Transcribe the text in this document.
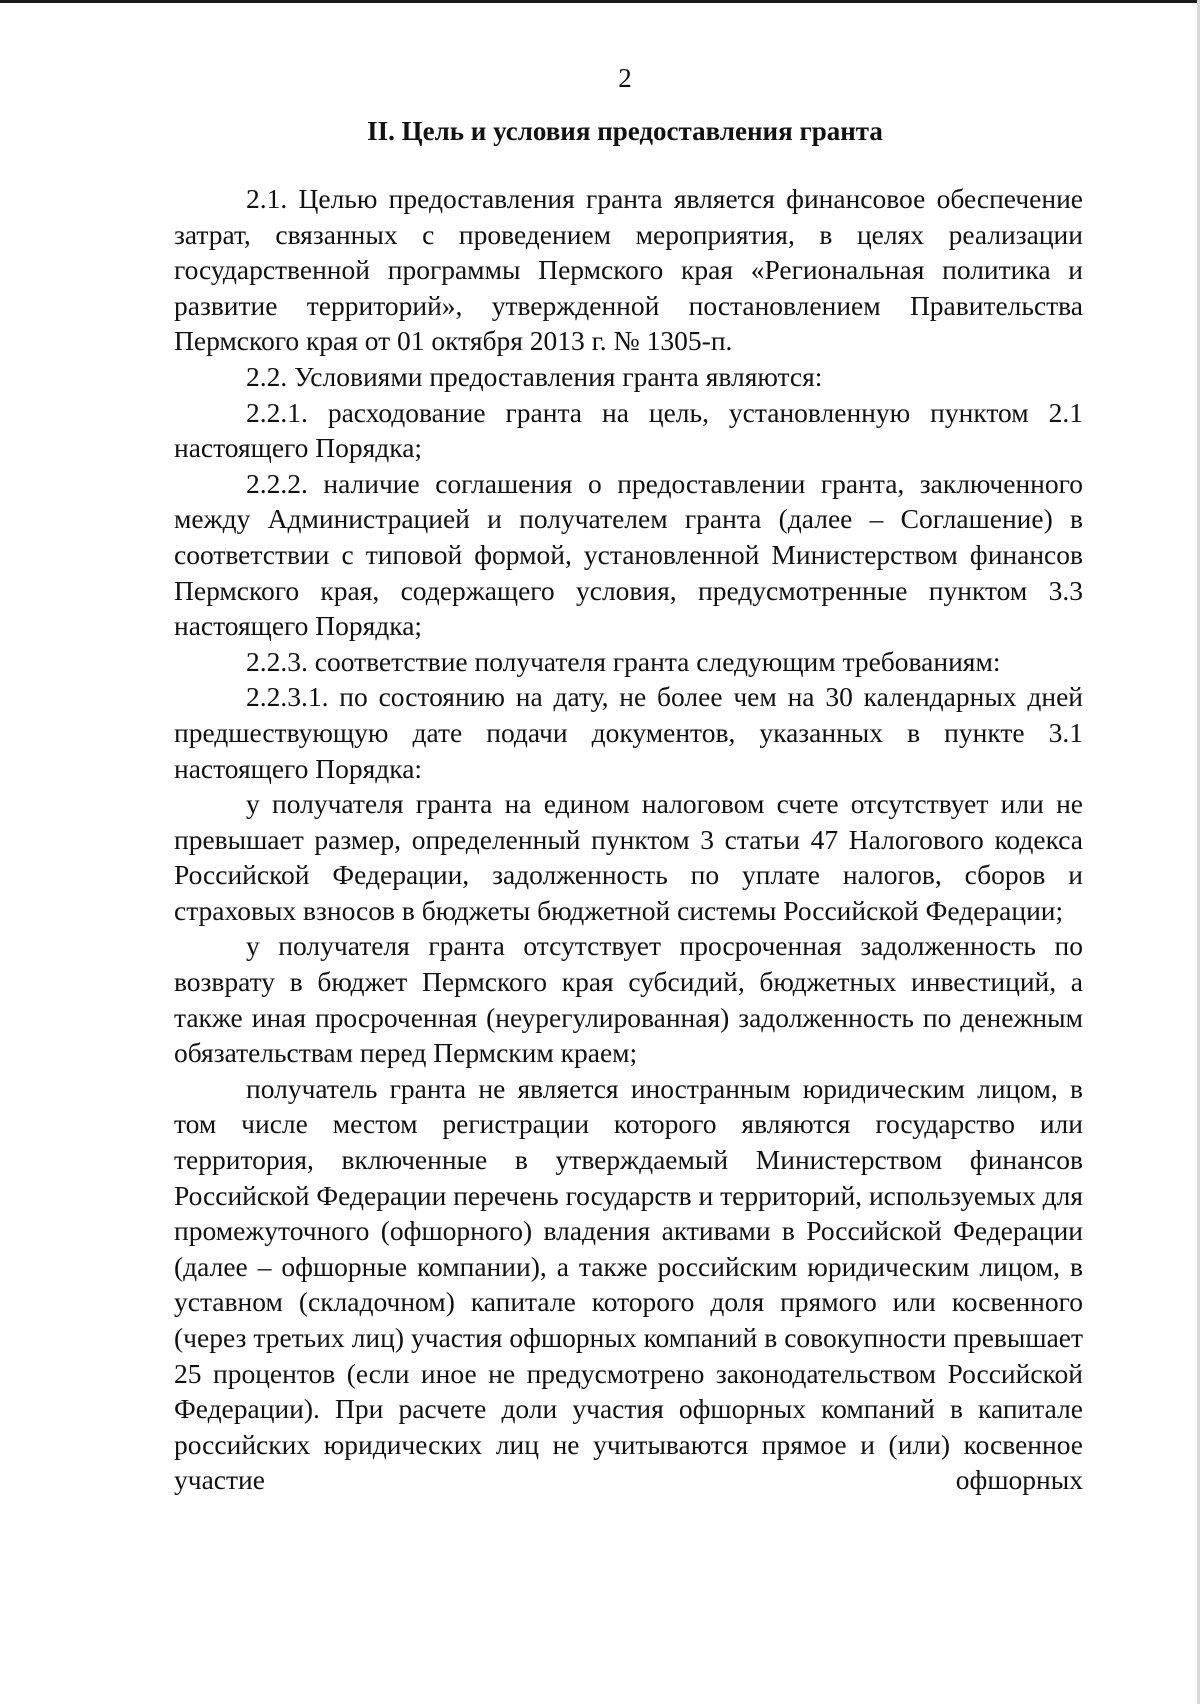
2
II. Цель и условия предоставления гранта

2.1. Целью предоставления гранта является финансовое обеспечение затрат, связанных с проведением мероприятия, в целях реализации государственной программы Пермского края «Региональная политика и развитие территорий», утвержденной постановлением Правительства Пермского края от 01 октября 2013 г. № 1305-п.

2.2. Условиями предоставления гранта являются:

2.2.1. расходование гранта на цель, установленную пунктом 2.1 настоящего Порядка;

2.2.2. наличие соглашения о предоставлении гранта, заключенного между Администрацией и получателем гранта (далее – Соглашение) в соответствии с типовой формой, установленной Министерством финансов Пермского края, содержащего условия, предусмотренные пунктом 3.3 настоящего Порядка;

2.2.3. соответствие получателя гранта следующим требованиям:

2.2.3.1. по состоянию на дату, не более чем на 30 календарных дней предшествующую дате подачи документов, указанных в пункте 3.1 настоящего Порядка:

у получателя гранта на едином налоговом счете отсутствует или не превышает размер, определенный пунктом 3 статьи 47 Налогового кодекса Российской Федерации, задолженность по уплате налогов, сборов и страховых взносов в бюджеты бюджетной системы Российской Федерации;

у получателя гранта отсутствует просроченная задолженность по возврату в бюджет Пермского края субсидий, бюджетных инвестиций, а также иная просроченная (неурегулированная) задолженность по денежным обязательствам перед Пермским краем;

получатель гранта не является иностранным юридическим лицом, в том числе местом регистрации которого являются государство или территория, включенные в утверждаемый Министерством финансов Российской Федерации перечень государств и территорий, используемых для промежуточного (офшорного) владения активами в Российской Федерации (далее – офшорные компании), а также российским юридическим лицом, в уставном (складочном) капитале которого доля прямого или косвенного (через третьих лиц) участия офшорных компаний в совокупности превышает 25 процентов (если иное не предусмотрено законодательством Российской Федерации). При расчете доли участия офшорных компаний в капитале российских юридических лиц не учитываются прямое и (или) косвенное участие офшорных
